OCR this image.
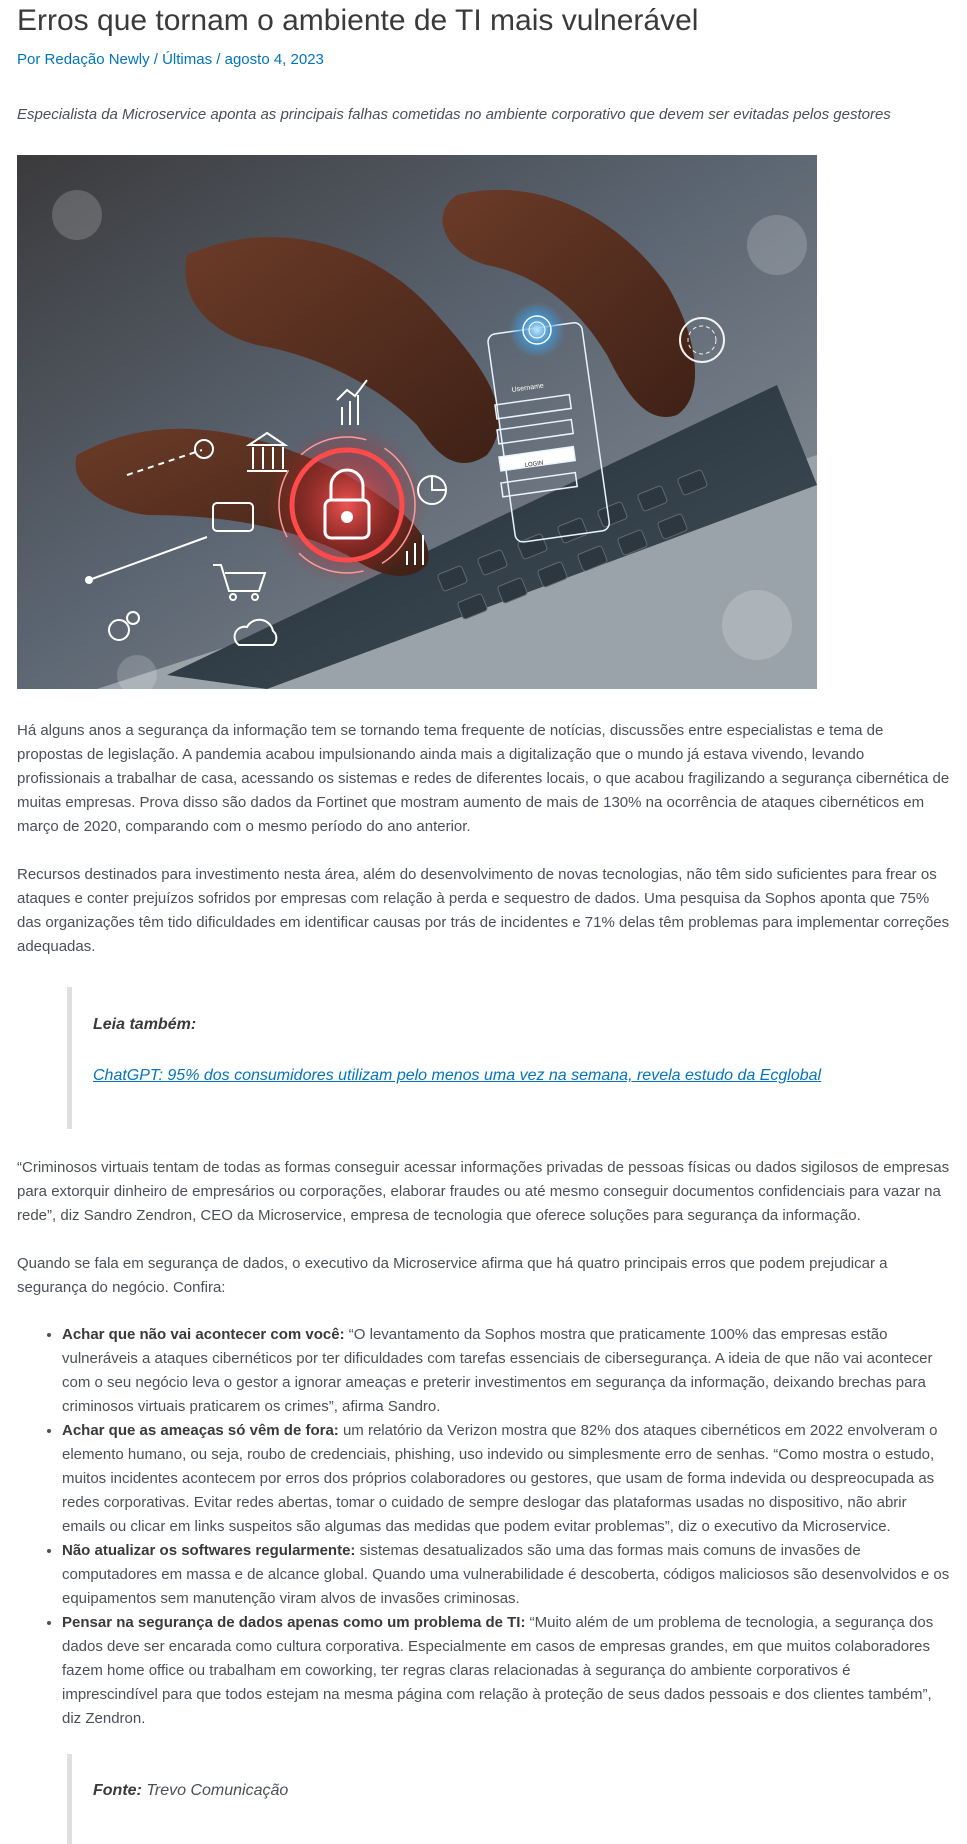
Erros que tornam o ambiente de TI mais vulnerável
Por Redação Newly / Últimas / agosto 4, 2023
Especialista da Microservice aponta as principais falhas cometidas no ambiente corporativo que devem ser evitadas pelos gestores
Username
LOGIN

Há alguns anos a segurança da informação tem se tornando tema frequente de notícias, discussões entre especialistas e tema de propostas de legislação. A pandemia acabou impulsionando ainda mais a digitalização que o mundo já estava vivendo, levando profissionais a trabalhar de casa, acessando os sistemas e redes de diferentes locais, o que acabou fragilizando a segurança cibernética de muitas empresas. Prova disso são dados da Fortinet que mostram aumento de mais de 130% na ocorrência de ataques cibernéticos em março de 2020, comparando com o mesmo período do ano anterior.

Recursos destinados para investimento nesta área, além do desenvolvimento de novas tecnologias, não têm sido suficientes para frear os ataques e conter prejuízos sofridos por empresas com relação à perda e sequestro de dados. Uma pesquisa da Sophos aponta que 75% das organizações têm tido dificuldades em identificar causas por trás de incidentes e 71% delas têm problemas para implementar correções adequadas.

Leia também:
ChatGPT: 95% dos consumidores utilizam pelo menos uma vez na semana, revela estudo da Ecglobal

“Criminosos virtuais tentam de todas as formas conseguir acessar informações privadas de pessoas físicas ou dados sigilosos de empresas para extorquir dinheiro de empresários ou corporações, elaborar fraudes ou até mesmo conseguir documentos confidenciais para vazar na rede”, diz Sandro Zendron, CEO da Microservice, empresa de tecnologia que oferece soluções para segurança da informação.

Quando se fala em segurança de dados, o executivo da Microservice afirma que há quatro principais erros que podem prejudicar a segurança do negócio. Confira:

• Achar que não vai acontecer com você: “O levantamento da Sophos mostra que praticamente 100% das empresas estão vulneráveis a ataques cibernéticos por ter dificuldades com tarefas essenciais de cibersegurança. A ideia de que não vai acontecer com o seu negócio leva o gestor a ignorar ameaças e preterir investimentos em segurança da informação, deixando brechas para criminosos virtuais praticarem os crimes”, afirma Sandro.
• Achar que as ameaças só vêm de fora: um relatório da Verizon mostra que 82% dos ataques cibernéticos em 2022 envolveram o elemento humano, ou seja, roubo de credenciais, phishing, uso indevido ou simplesmente erro de senhas. “Como mostra o estudo, muitos incidentes acontecem por erros dos próprios colaboradores ou gestores, que usam de forma indevida ou despreocupada as redes corporativas. Evitar redes abertas, tomar o cuidado de sempre deslogar das plataformas usadas no dispositivo, não abrir emails ou clicar em links suspeitos são algumas das medidas que podem evitar problemas”, diz o executivo da Microservice.
• Não atualizar os softwares regularmente: sistemas desatualizados são uma das formas mais comuns de invasões de computadores em massa e de alcance global. Quando uma vulnerabilidade é descoberta, códigos maliciosos são desenvolvidos e os equipamentos sem manutenção viram alvos de invasões criminosas.
• Pensar na segurança de dados apenas como um problema de TI: “Muito além de um problema de tecnologia, a segurança dos dados deve ser encarada como cultura corporativa. Especialmente em casos de empresas grandes, em que muitos colaboradores fazem home office ou trabalham em coworking, ter regras claras relacionadas à segurança do ambiente corporativos é imprescindível para que todos estejam na mesma página com relação à proteção de seus dados pessoais e dos clientes também”, diz Zendron.
Fonte: Trevo Comunicação
